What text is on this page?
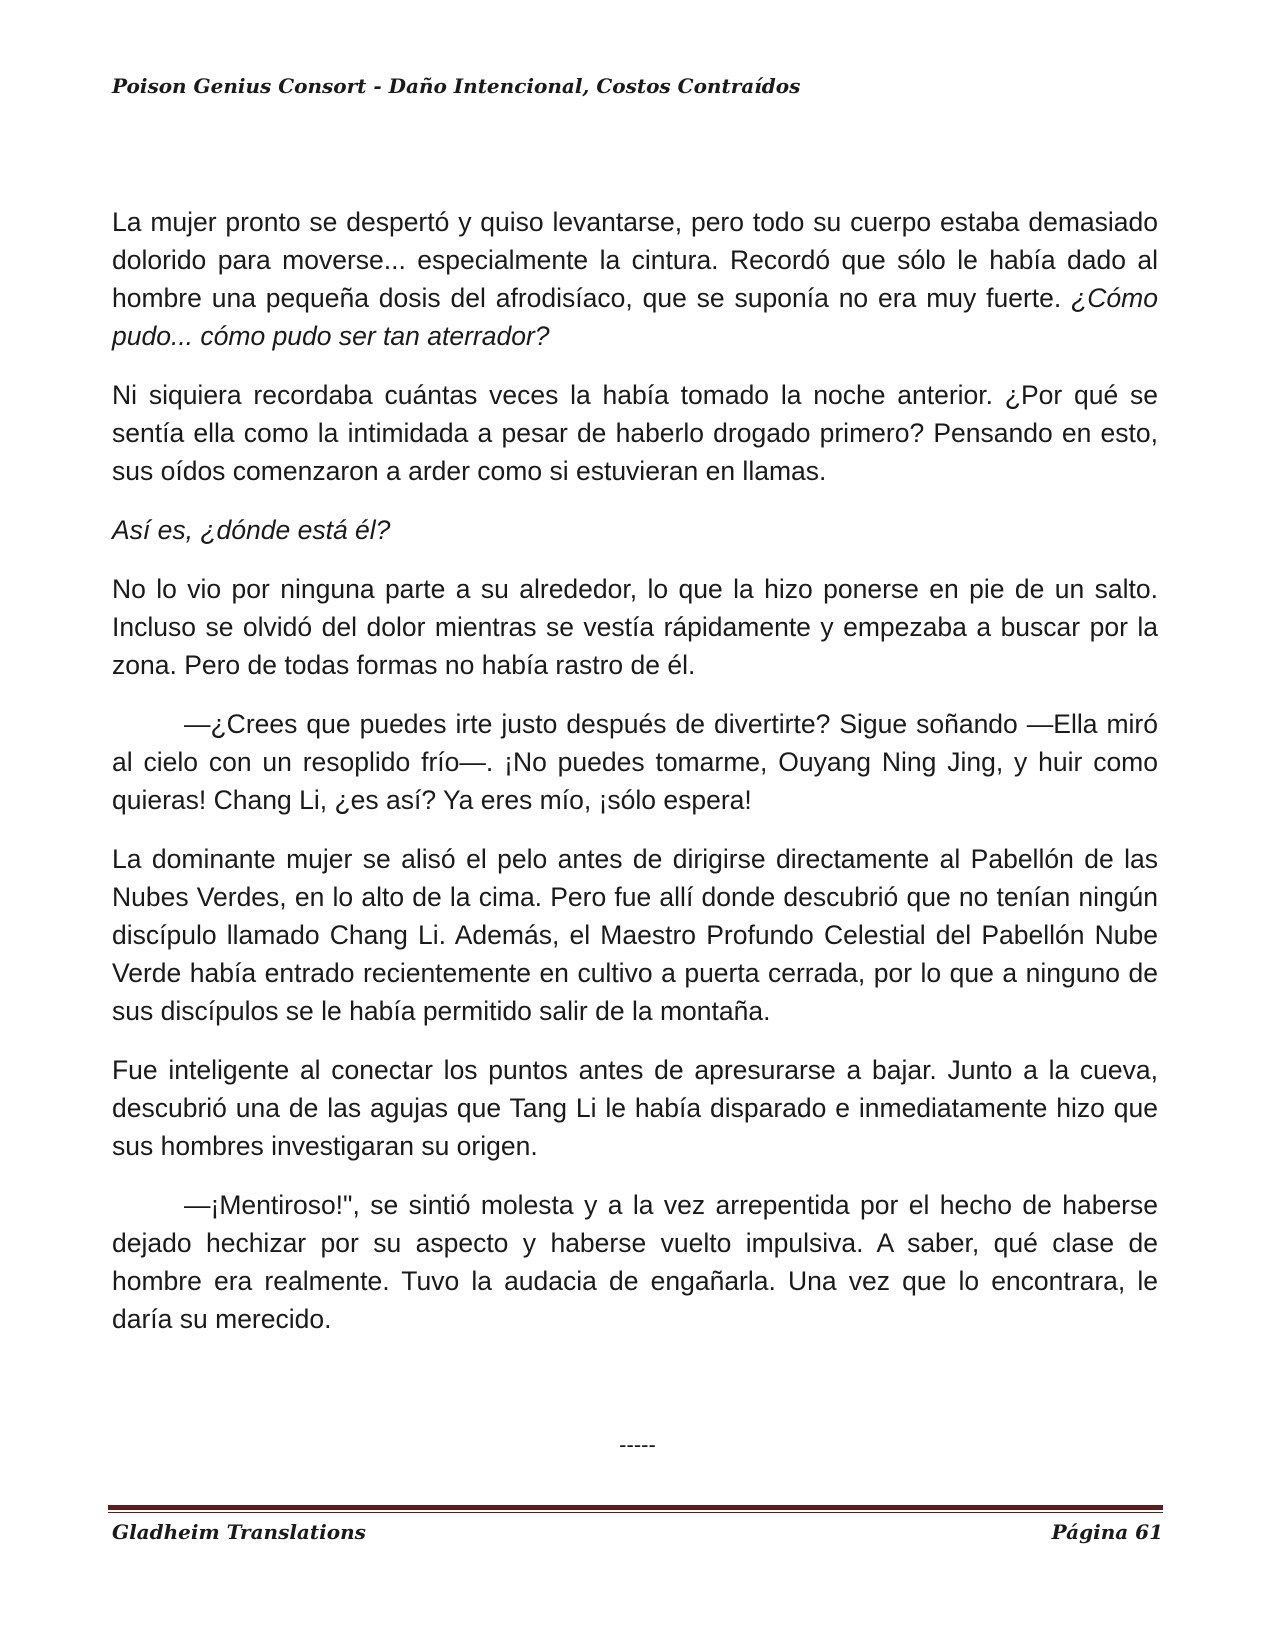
Poison Genius Consort - Daño Intencional, Costos Contraídos

La mujer pronto se despertó y quiso levantarse, pero todo su cuerpo estaba demasiado dolorido para moverse... especialmente la cintura. Recordó que sólo le había dado al hombre una pequeña dosis del afrodisíaco, que se suponía no era muy fuerte. ¿Cómo pudo... cómo pudo ser tan aterrador?

Ni siquiera recordaba cuántas veces la había tomado la noche anterior. ¿Por qué se sentía ella como la intimidada a pesar de haberlo drogado primero? Pensando en esto, sus oídos comenzaron a arder como si estuvieran en llamas.

Así es, ¿dónde está él?

No lo vio por ninguna parte a su alrededor, lo que la hizo ponerse en pie de un salto. Incluso se olvidó del dolor mientras se vestía rápidamente y empezaba a buscar por la zona. Pero de todas formas no había rastro de él.

—¿Crees que puedes irte justo después de divertirte? Sigue soñando —Ella miró al cielo con un resoplido frío—. ¡No puedes tomarme, Ouyang Ning Jing, y huir como quieras! Chang Li, ¿es así? Ya eres mío, ¡sólo espera!

La dominante mujer se alisó el pelo antes de dirigirse directamente al Pabellón de las Nubes Verdes, en lo alto de la cima. Pero fue allí donde descubrió que no tenían ningún discípulo llamado Chang Li. Además, el Maestro Profundo Celestial del Pabellón Nube Verde había entrado recientemente en cultivo a puerta cerrada, por lo que a ninguno de sus discípulos se le había permitido salir de la montaña.

Fue inteligente al conectar los puntos antes de apresurarse a bajar. Junto a la cueva, descubrió una de las agujas que Tang Li le había disparado e inmediatamente hizo que sus hombres investigaran su origen.

—¡Mentiroso!", se sintió molesta y a la vez arrepentida por el hecho de haberse dejado hechizar por su aspecto y haberse vuelto impulsiva. A saber, qué clase de hombre era realmente. Tuvo la audacia de engañarla. Una vez que lo encontrara, le daría su merecido.

-----
Gladheim Translations	Página 61
